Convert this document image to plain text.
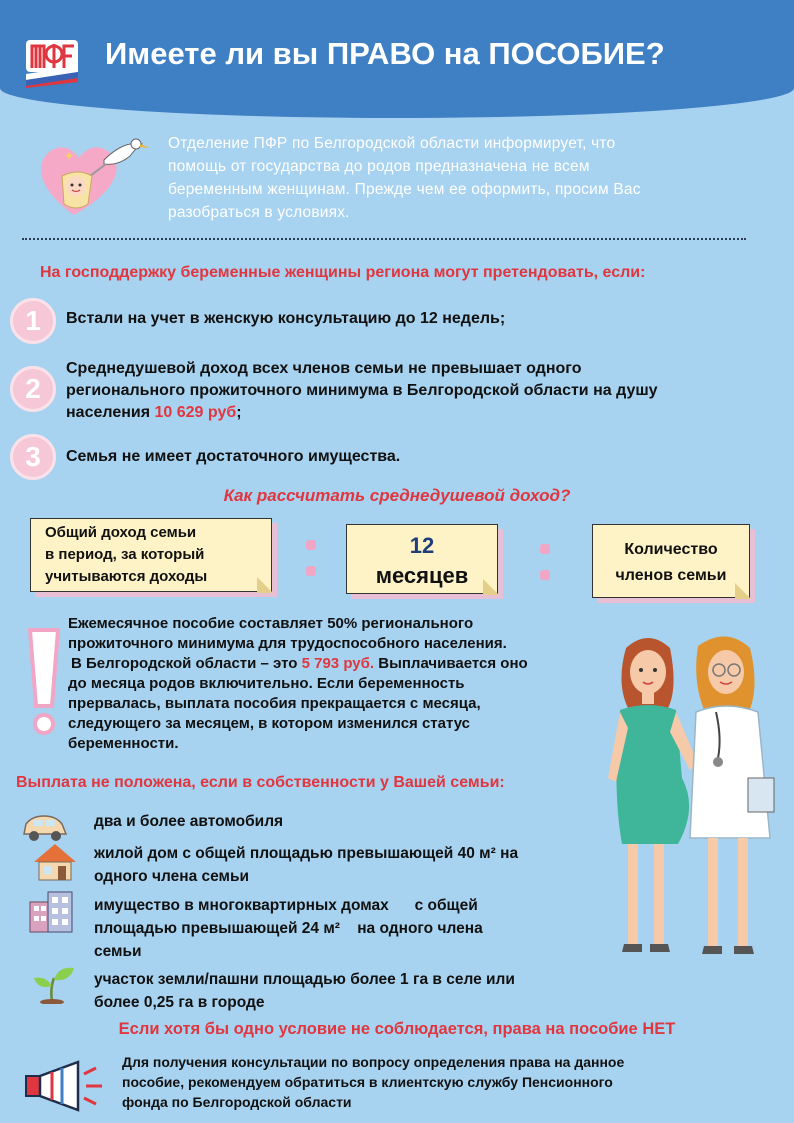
Имеете ли вы ПРАВО на ПОСОБИЕ?
✦
Отделение ПФР по Белгородской области информирует, что
помощь от государства до родов предназначена не всем
беременным женщинам. Прежде чем ее оформить, просим Вас
разобраться в условиях.
На господдержку беременные женщины региона могут претендовать, если:
1	Встали на учет в женскую консультацию до 12 недель;
2
Среднедушевой доход всех членов семьи не превышает одного
регионального прожиточного минимума в Белгородской области на душу
населения 10 629 руб;
3	Семья не имеет достаточного имущества.
Как рассчитать среднедушевой доход?
Общий доход семьи
в период, за который
учитываются доходы
12
месяцев
Количество
членов семьи
Ежемесячное пособие составляет 50% регионального
прожиточного минимума для трудоспособного населения.
В Белгородской области – это 5 793 руб. Выплачивается оно
до месяца родов включительно. Если беременность
прервалась, выплата пособия прекращается с месяца,
следующего за месяцем, в котором изменился статус
беременности.
Выплата не положена, если в собственности у Вашей семьи:
два и более автомобиля
жилой дом с общей площадью превышающей 40 м² на
одного члена семьи
имущество в многоквартирных домах      с общей
площадью превышающей 24 м²    на одного члена
семьи
участок земли/пашни площадью более 1 га в селе или
более 0,25 га в городе
Если хотя бы одно условие не соблюдается, права на пособие НЕТ
Для получения консультации по вопросу определения права на данное
пособие, рекомендуем обратиться в клиентскую службу Пенсионного
фонда по Белгородской области
